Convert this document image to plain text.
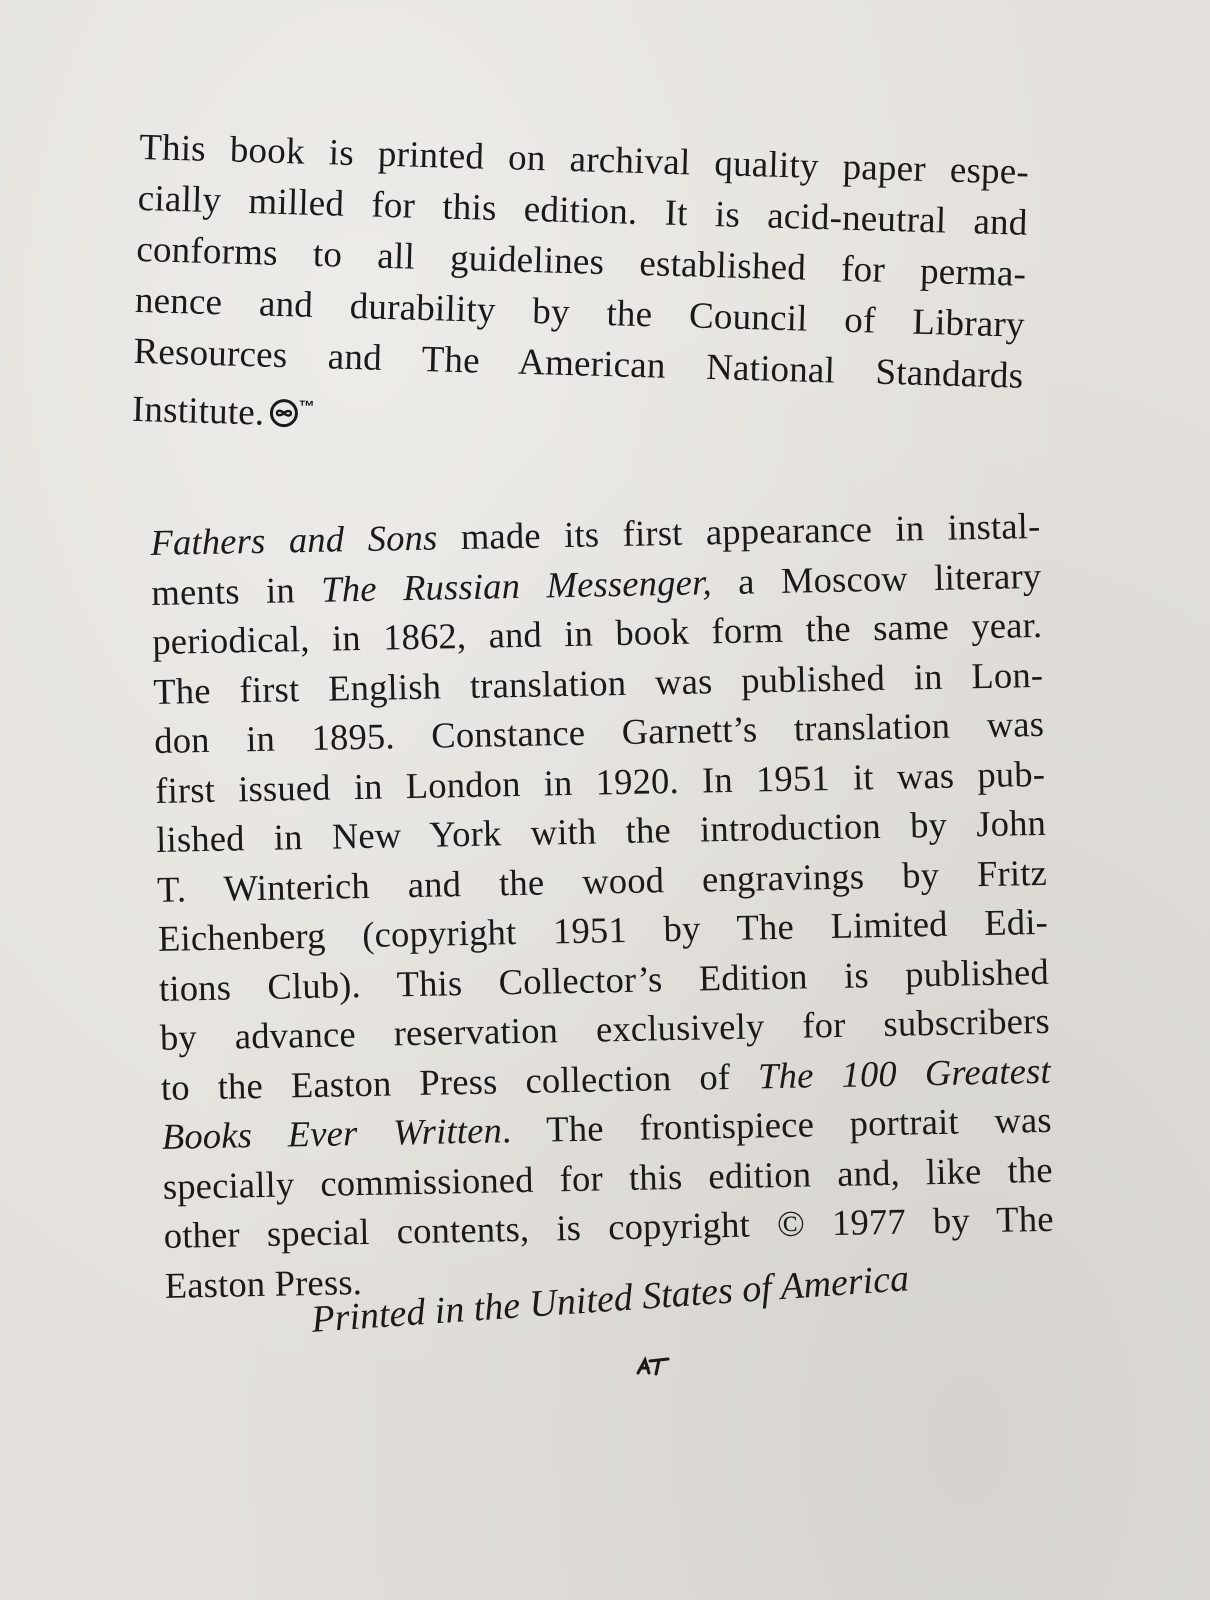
This book is printed on archival quality paper espe-
cially milled for this edition. It is acid-neutral and
conforms to all guidelines established for perma-
nence and durability by the Council of Library
Resources and The American National Standards
Institute. ™
Fathers and Sons made its first appearance in instal-
ments in The Russian Messenger, a Moscow literary
periodical, in 1862, and in book form the same year.
The first English translation was published in Lon-
don in 1895. Constance Garnett’s translation was
first issued in London in 1920. In 1951 it was pub-
lished in New York with the introduction by John
T. Winterich and the wood engravings by Fritz
Eichenberg (copyright 1951 by The Limited Edi-
tions Club). This Collector’s Edition is published
by advance reservation exclusively for subscribers
to the Easton Press collection of The 100 Greatest
Books Ever Written. The frontispiece portrait was
specially commissioned for this edition and, like the
other special contents, is copyright © 1977 by The
Easton Press.
Printed in the United States of America
